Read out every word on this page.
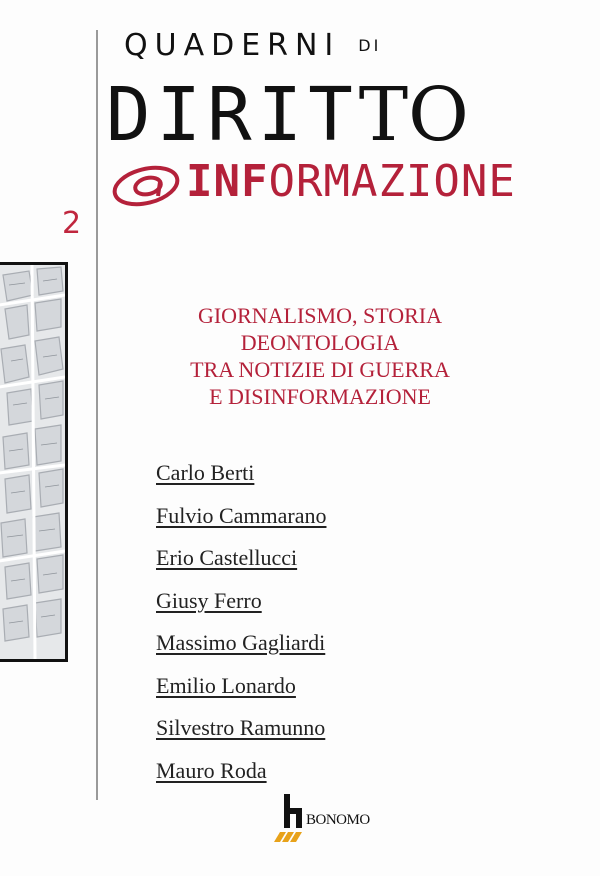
QUADERNI DI
DIRITTO
INFORMAZIONE
2
GIORNALISMO, STORIA
DEONTOLOGIA
TRA NOTIZIE DI GUERRA
E DISINFORMAZIONE
Carlo Berti
Fulvio Cammarano
Erio Castellucci
Giusy Ferro
Massimo Gagliardi
Emilio Lonardo
Silvestro Ramunno
Mauro Roda
BONOMO
